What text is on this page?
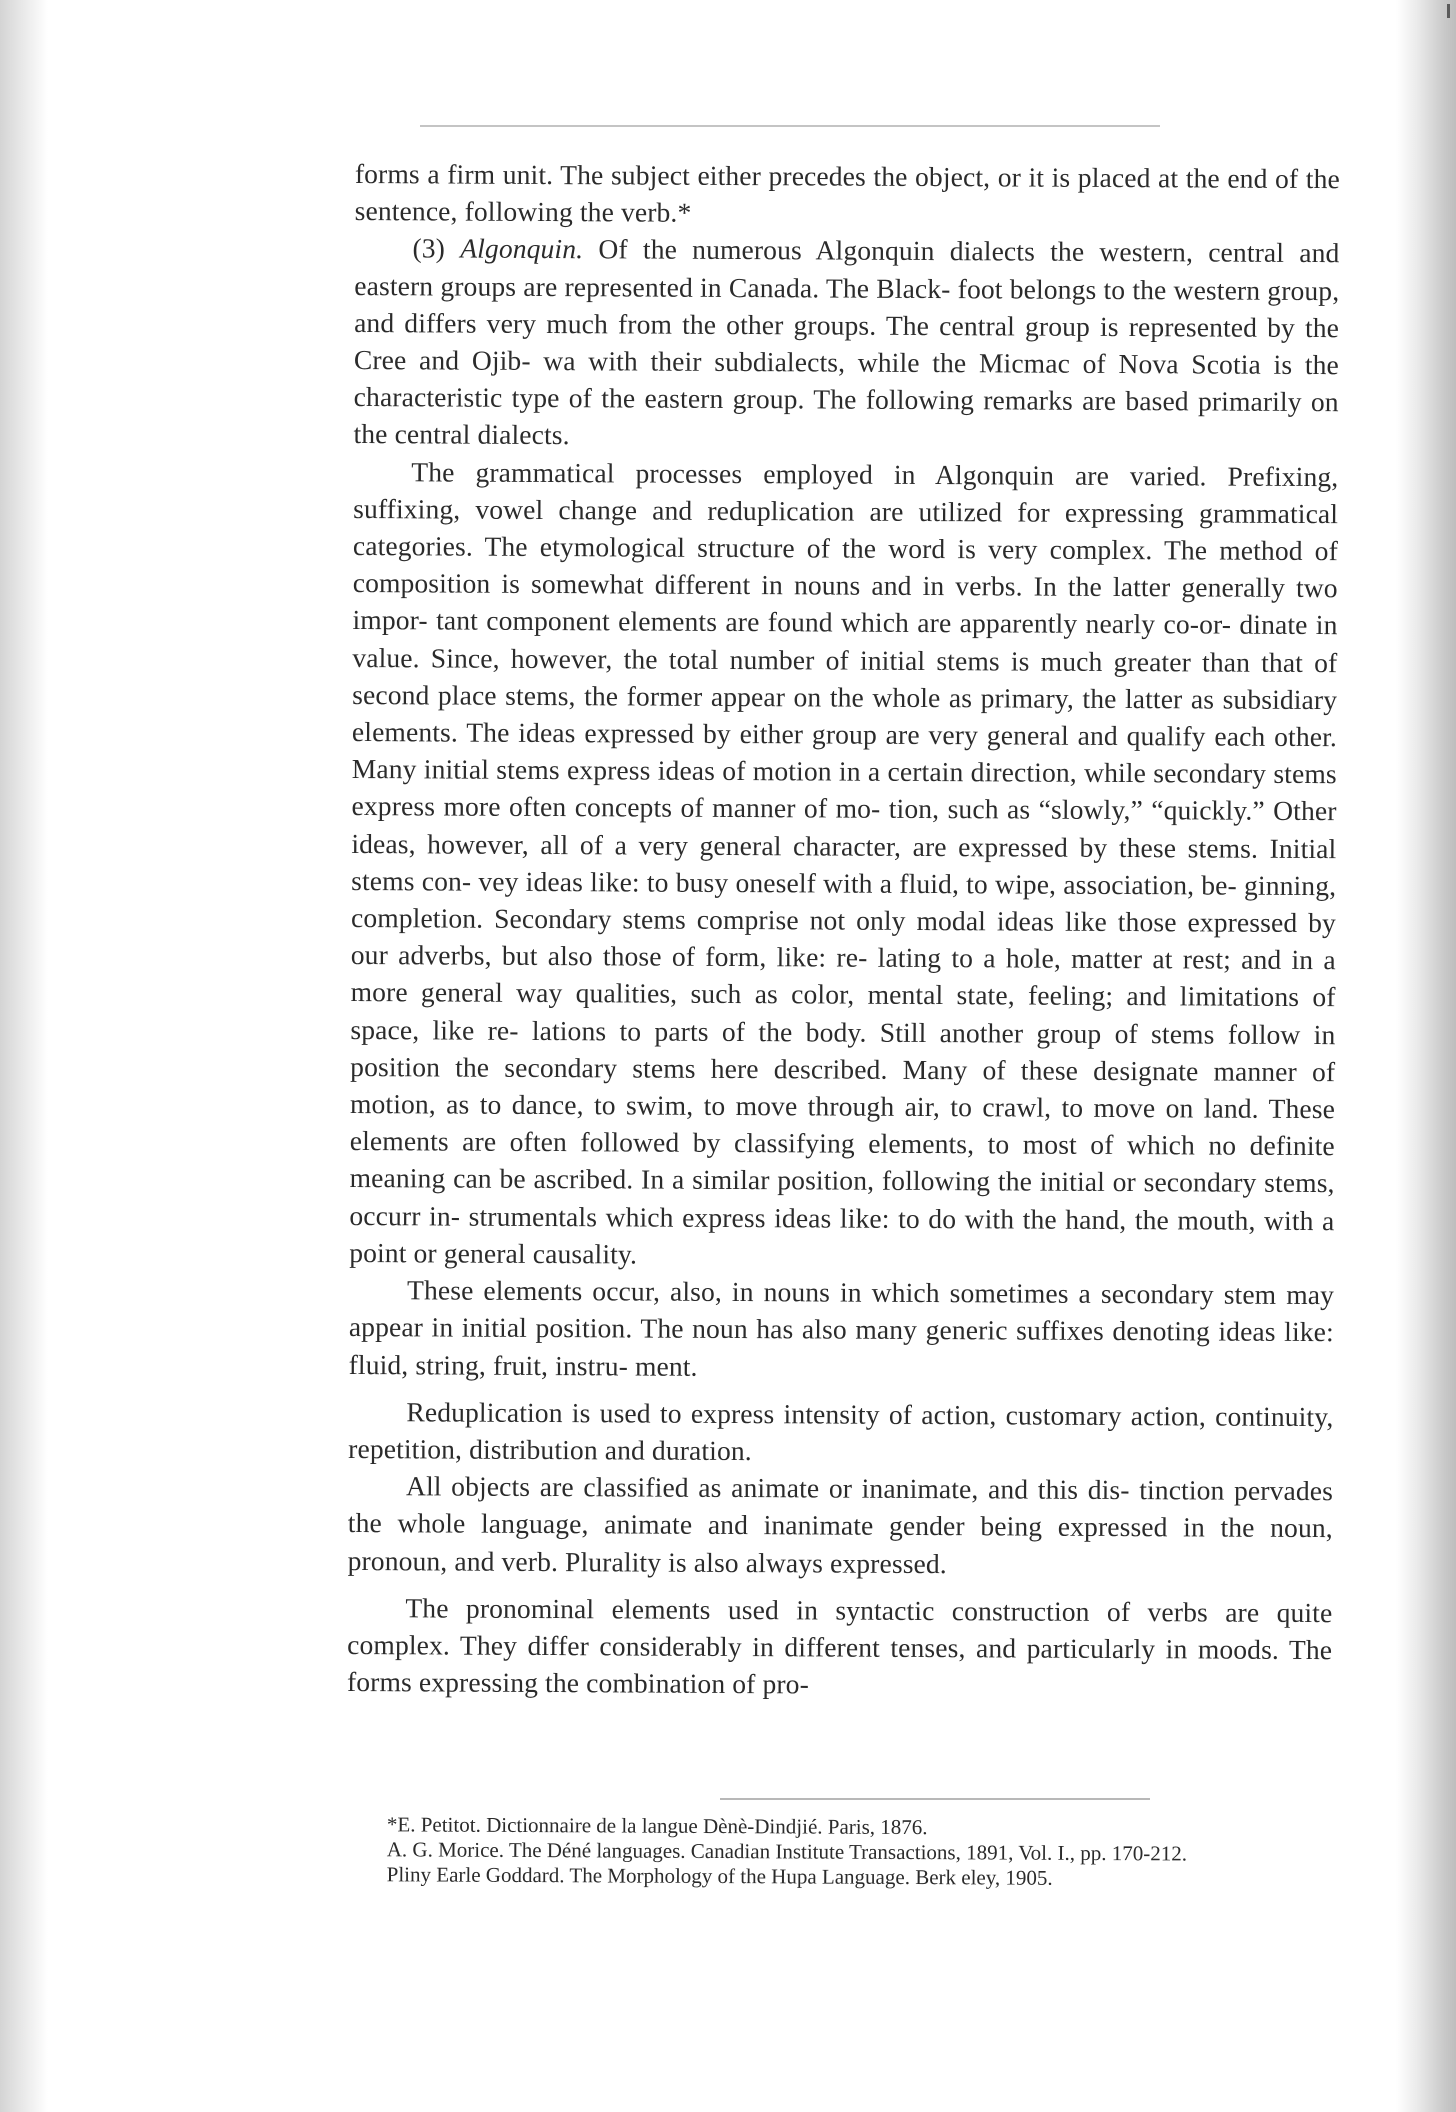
forms a firm unit. The subject either precedes the object, or it is placed at the end of the sentence, following the verb.*

(3) Algonquin. Of the numerous Algonquin dialects the western, central and eastern groups are represented in Canada. The Black- foot belongs to the western group, and differs very much from the other groups. The central group is represented by the Cree and Ojib- wa with their subdialects, while the Micmac of Nova Scotia is the characteristic type of the eastern group. The following remarks are based primarily on the central dialects.

The grammatical processes employed in Algonquin are varied. Prefixing, suffixing, vowel change and reduplication are utilized for expressing grammatical categories. The etymological structure of the word is very complex. The method of composition is somewhat different in nouns and in verbs. In the latter generally two impor- tant component elements are found which are apparently nearly co-or- dinate in value. Since, however, the total number of initial stems is much greater than that of second place stems, the former appear on the whole as primary, the latter as subsidiary elements. The ideas expressed by either group are very general and qualify each other. Many initial stems express ideas of motion in a certain direction, while secondary stems express more often concepts of manner of mo- tion, such as “slowly,” “quickly.” Other ideas, however, all of a very general character, are expressed by these stems. Initial stems con- vey ideas like: to busy oneself with a fluid, to wipe, association, be- ginning, completion. Secondary stems comprise not only modal ideas like those expressed by our adverbs, but also those of form, like: re- lating to a hole, matter at rest; and in a more general way qualities, such as color, mental state, feeling; and limitations of space, like re- lations to parts of the body. Still another group of stems follow in position the secondary stems here described. Many of these designate manner of motion, as to dance, to swim, to move through air, to crawl, to move on land. These elements are often followed by classifying elements, to most of which no definite meaning can be ascribed. In a similar position, following the initial or secondary stems, occurr in- strumentals which express ideas like: to do with the hand, the mouth, with a point or general causality.

These elements occur, also, in nouns in which sometimes a secondary stem may appear in initial position. The noun has also many generic suffixes denoting ideas like: fluid, string, fruit, instru- ment.

Reduplication is used to express intensity of action, customary action, continuity, repetition, distribution and duration.

All objects are classified as animate or inanimate, and this dis- tinction pervades the whole language, animate and inanimate gender being expressed in the noun, pronoun, and verb. Plurality is also always expressed.

The pronominal elements used in syntactic construction of verbs are quite complex. They differ considerably in different tenses, and particularly in moods. The forms expressing the combination of pro-

*E. Petitot. Dictionnaire de la langue Dènè-Dindjié. Paris, 1876.

A. G. Morice. The Déné languages. Canadian Institute Transactions, 1891, Vol. I., pp. 170-212.

Pliny Earle Goddard. The Morphology of the Hupa Language. Berk eley, 1905.
